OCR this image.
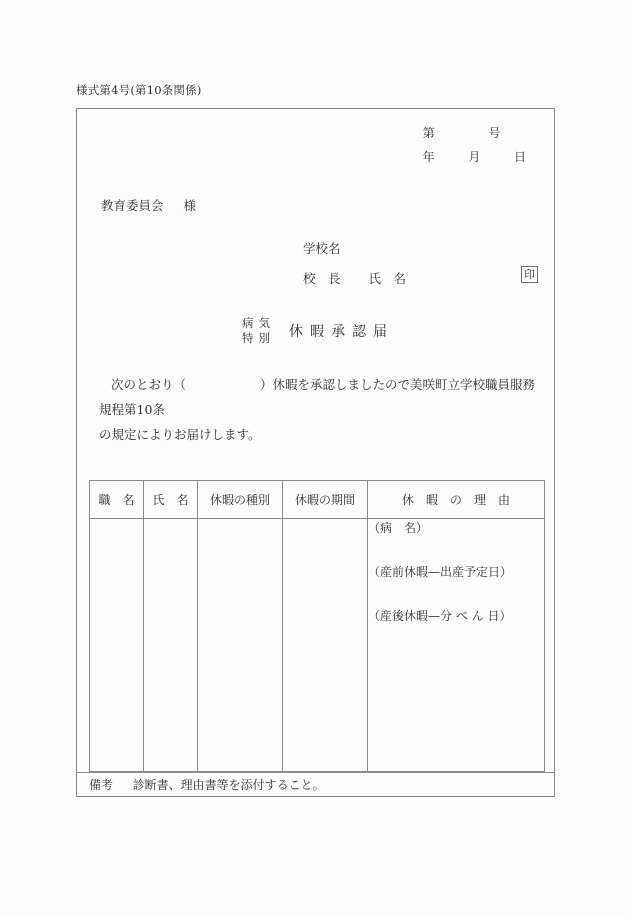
様式第4号(第10条関係)
第	号
年	月	日
教育委員会 様
学校名
校　長 氏　名	印
病気
特別	休暇承認届
次のとおり（	）休暇を承認しましたので美咲町立学校職員服務規程第10条
の規定によりお届けします。
職　名	氏　名	休暇の種別	休暇の期間	休　暇　の　理　由

				（病　名）
（産前休暇—出産予定日）
（産後休暇—分 べ ん 日）
備考 診断書、理由書等を添付すること。
